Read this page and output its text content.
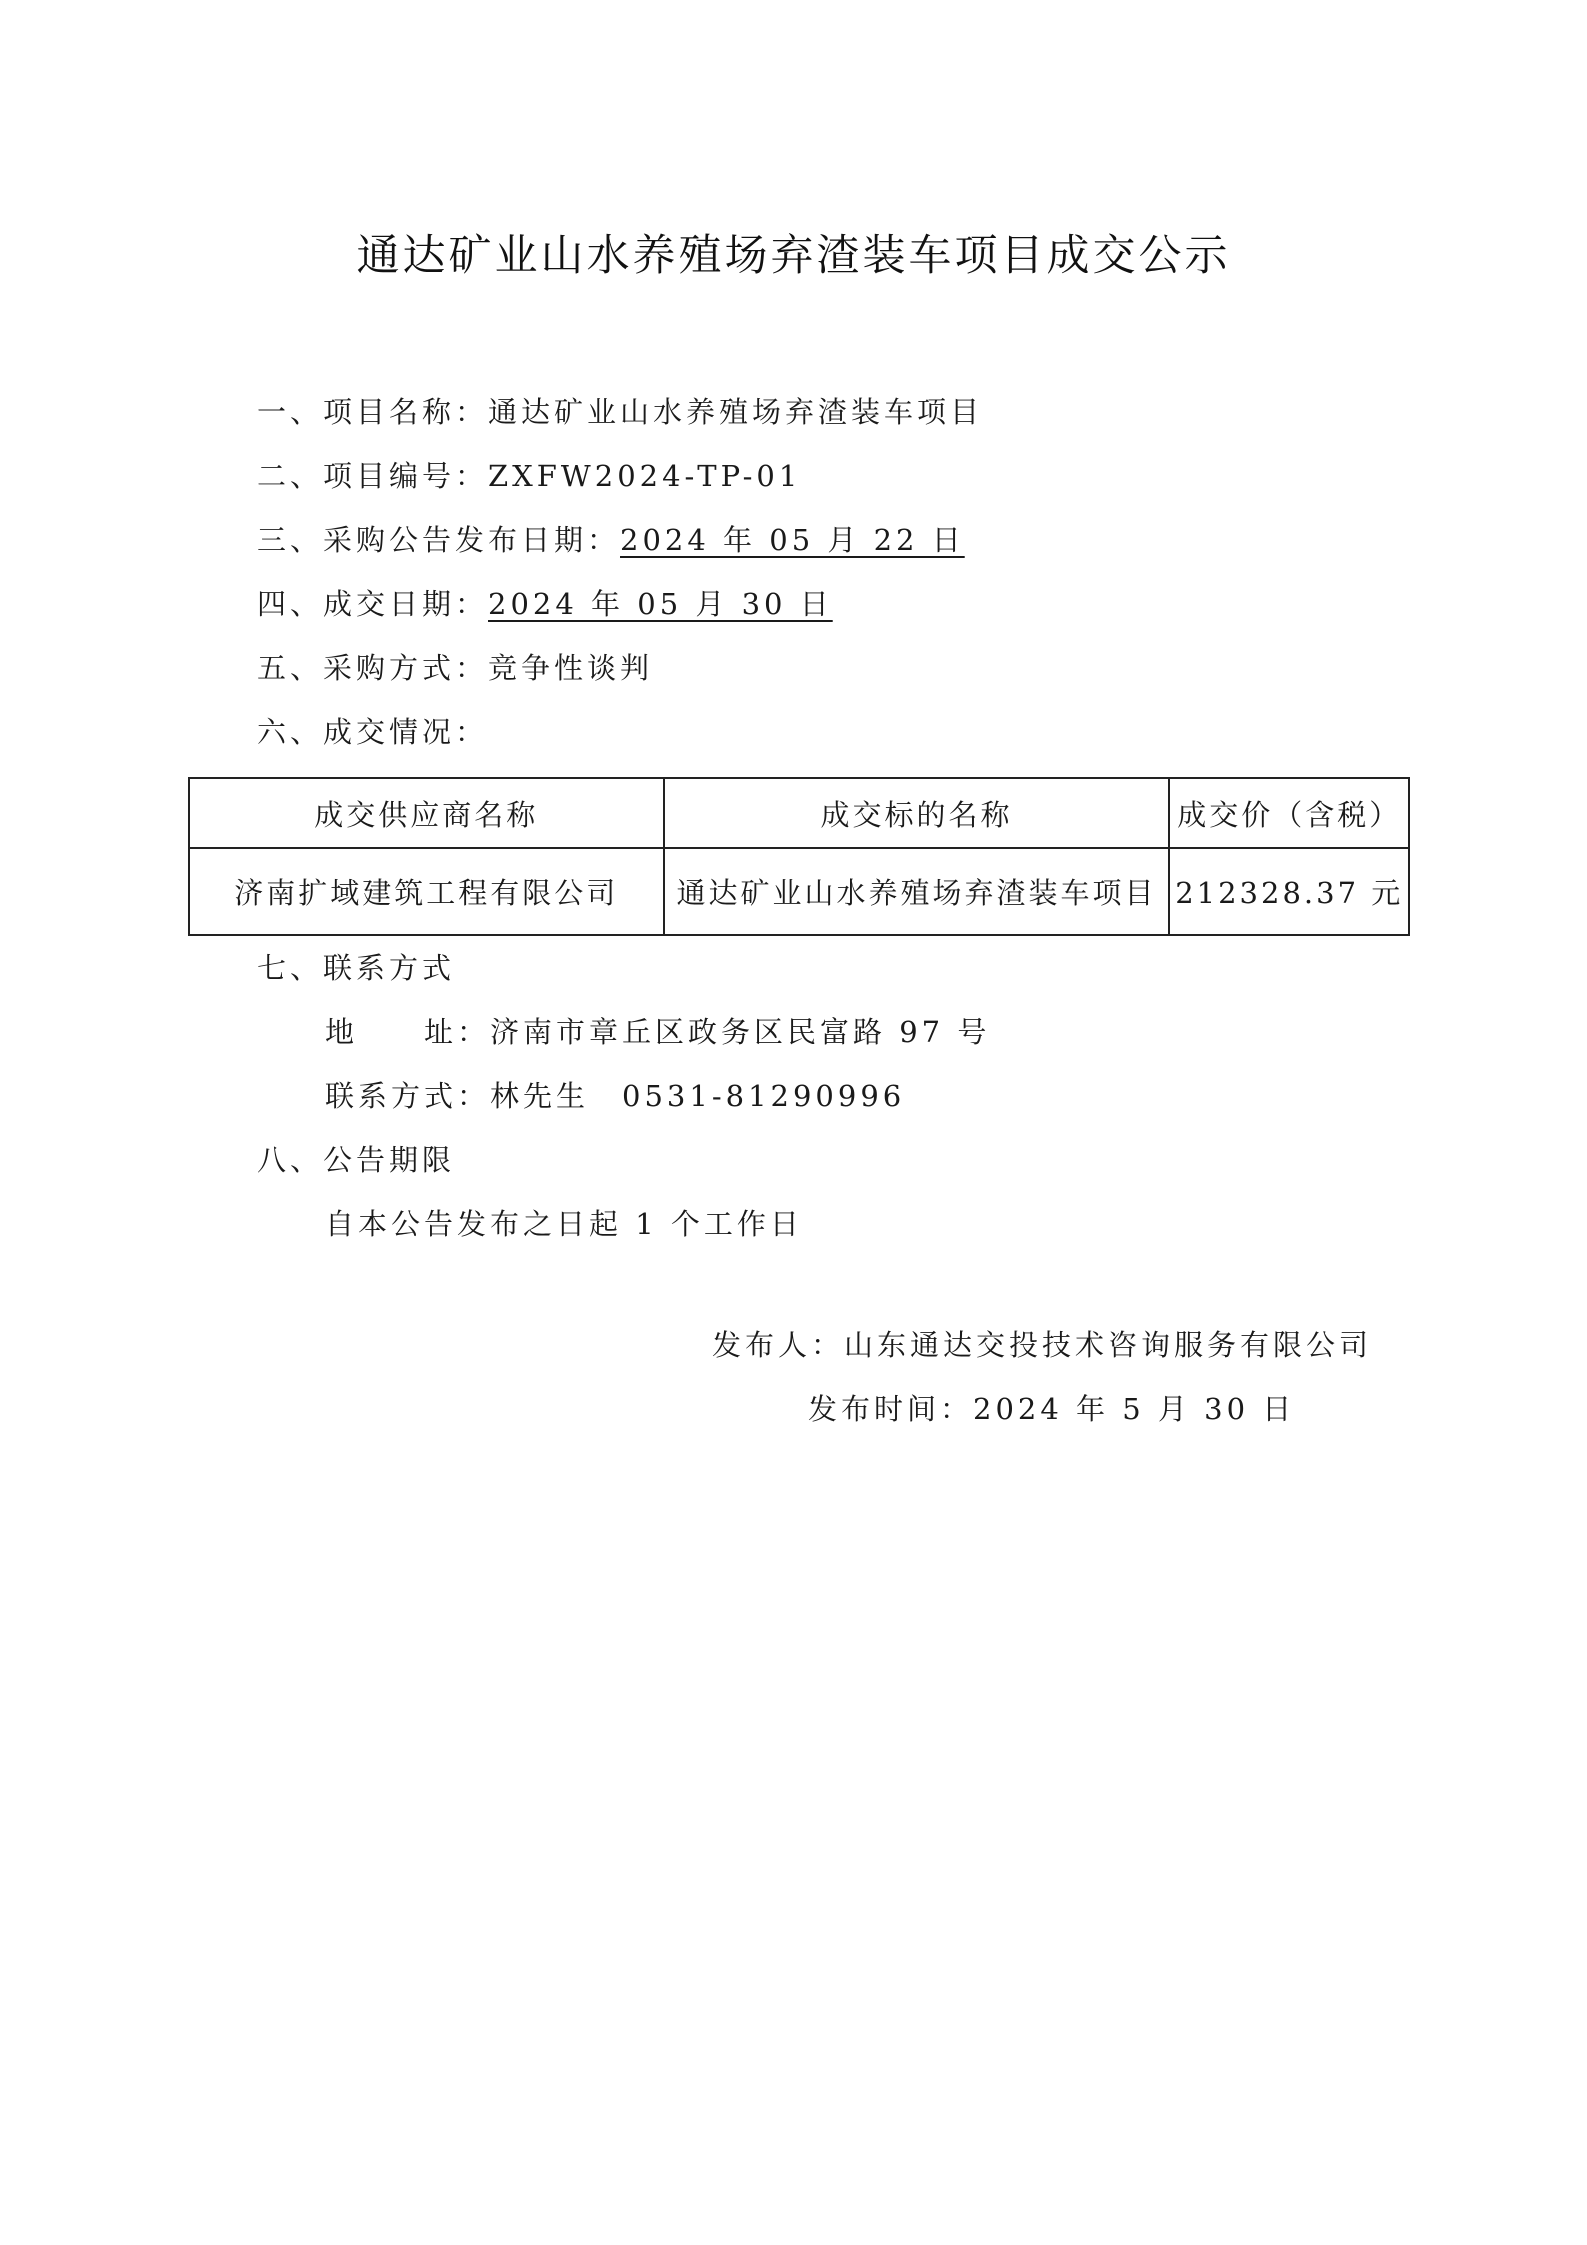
通达矿业山水养殖场弃渣装车项目成交公示
一、项目名称：通达矿业山水养殖场弃渣装车项目
二、项目编号：ZXFW2024-TP-01
三、采购公告发布日期：2024 年 05 月 22 日
四、成交日期：2024 年 05 月 30 日
五、采购方式：竞争性谈判
六、成交情况：
成交供应商名称	成交标的名称	成交价（含税）
济南扩域建筑工程有限公司	通达矿业山水养殖场弃渣装车项目	212328.37 元
七、联系方式
地　　址：济南市章丘区政务区民富路 97 号
联系方式：林先生　0531-81290996
八、公告期限
自本公告发布之日起 1 个工作日
发布人：山东通达交投技术咨询服务有限公司
发布时间：2024 年 5 月 30 日
